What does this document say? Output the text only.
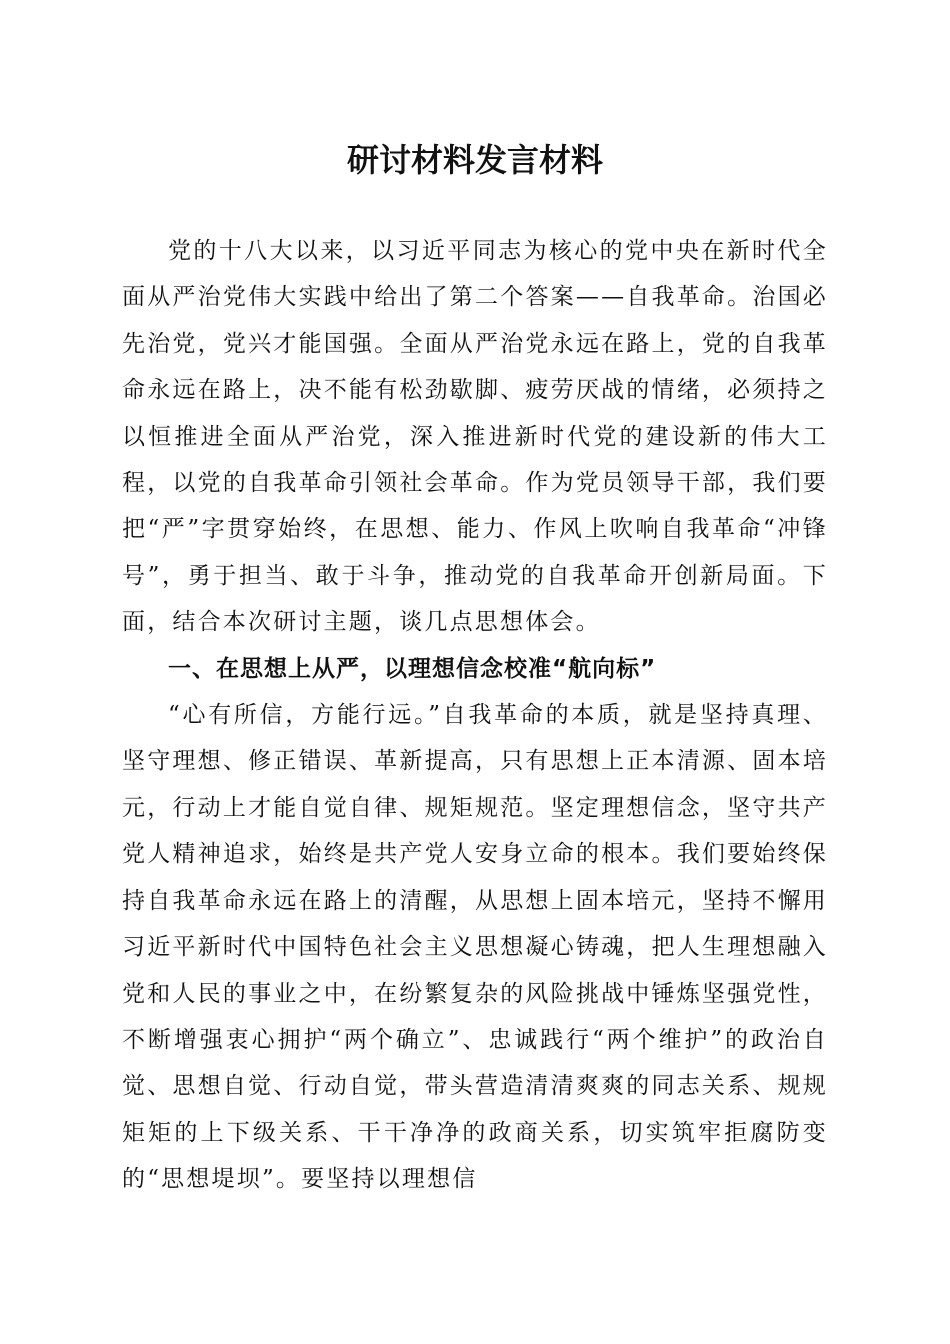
研讨材料发言材料

党的十八大以来，以习近平同志为核心的党中央在新时代全面从严治党伟大实践中给出了第二个答案——自我革命。治国必先治党，党兴才能国强。全面从严治党永远在路上，党的自我革命永远在路上，决不能有松劲歇脚、疲劳厌战的情绪，必须持之以恒推进全面从严治党，深入推进新时代党的建设新的伟大工程，以党的自我革命引领社会革命。作为党员领导干部，我们要把“严”字贯穿始终，在思想、能力、作风上吹响自我革命“冲锋号”，勇于担当、敢于斗争，推动党的自我革命开创新局面。下面，结合本次研讨主题，谈几点思想体会。

一、在思想上从严，以理想信念校准“航向标”

“心有所信，方能行远。”自我革命的本质，就是坚持真理、坚守理想、修正错误、革新提高，只有思想上正本清源、固本培元，行动上才能自觉自律、规矩规范。坚定理想信念，坚守共产党人精神追求，始终是共产党人安身立命的根本。我们要始终保持自我革命永远在路上的清醒，从思想上固本培元，坚持不懈用习近平新时代中国特色社会主义思想凝心铸魂，把人生理想融入党和人民的事业之中，在纷繁复杂的风险挑战中锤炼坚强党性，不断增强衷心拥护“两个确立”、忠诚践行“两个维护”的政治自觉、思想自觉、行动自觉，带头营造清清爽爽的同志关系、规规矩矩的上下级关系、干干净净的政商关系，切实筑牢拒腐防变的“思想堤坝”。要坚持以理想信
